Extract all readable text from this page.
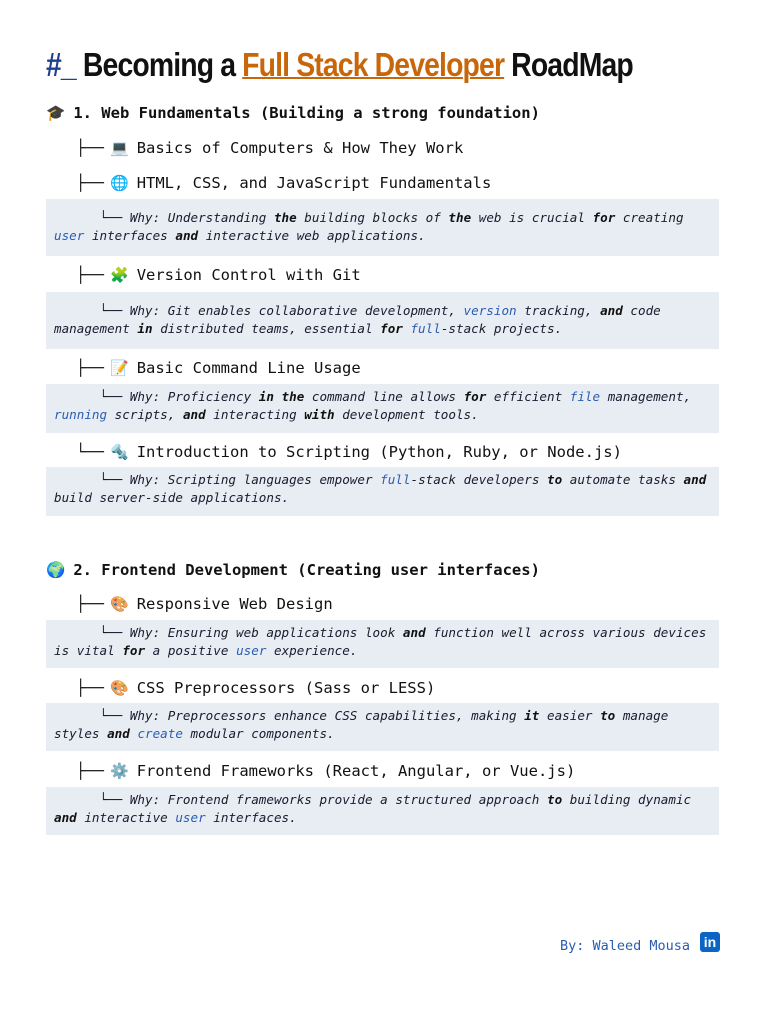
#_ Becoming a Full Stack Developer RoadMap
🎓 1. Web Fundamentals (Building a strong foundation)
├── 💻 Basics of Computers & How They Work
├── 🌐 HTML, CSS, and JavaScript Fundamentals
└── Why: Understanding the building blocks of the web is crucial for creating user interfaces and interactive web applications.
├── 🧩 Version Control with Git
└── Why: Git enables collaborative development, version tracking, and code management in distributed teams, essential for full-stack projects.
├── 📝 Basic Command Line Usage
└── Why: Proficiency in the command line allows for efficient file management, running scripts, and interacting with development tools.
└── 🔩 Introduction to Scripting (Python, Ruby, or Node.js)
└── Why: Scripting languages empower full-stack developers to automate tasks and build server-side applications.
🌍 2. Frontend Development (Creating user interfaces)
├── 🎨 Responsive Web Design
└── Why: Ensuring web applications look and function well across various devices is vital for a positive user experience.
├── 🎨 CSS Preprocessors (Sass or LESS)
└── Why: Preprocessors enhance CSS capabilities, making it easier to manage styles and create modular components.
├── ⚙️ Frontend Frameworks (React, Angular, or Vue.js)
└── Why: Frontend frameworks provide a structured approach to building dynamic and interactive user interfaces.
By: Waleed Mousa in
